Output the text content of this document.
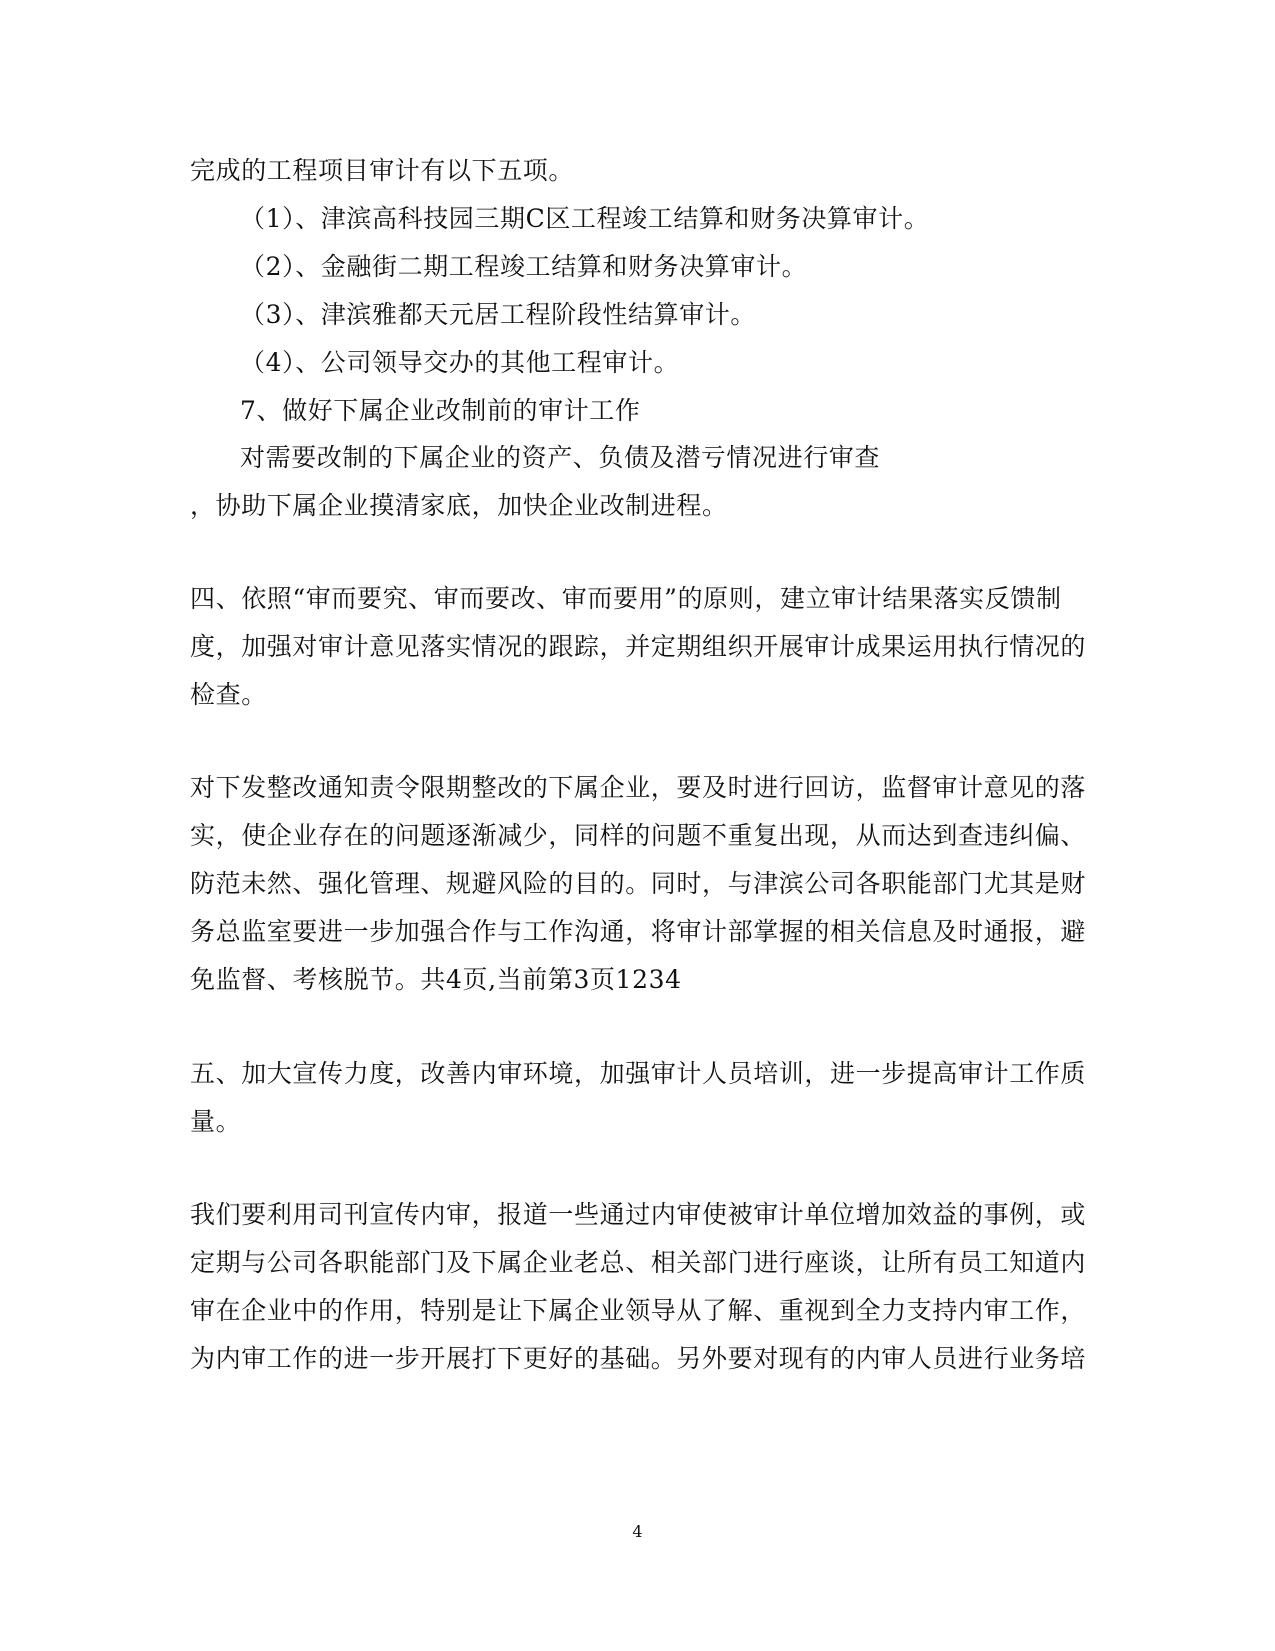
完成的工程项目审计有以下五项。
（1）、津滨高科技园三期C区工程竣工结算和财务决算审计。
（2）、金融街二期工程竣工结算和财务决算审计。
（3）、津滨雅都天元居工程阶段性结算审计。
（4）、公司领导交办的其他工程审计。
7、做好下属企业改制前的审计工作
对需要改制的下属企业的资产、负债及潜亏情况进行审查
，协助下属企业摸清家底，加快企业改制进程。
四、依照“审而要究、审而要改、审而要用”的原则，建立审计结果落实反馈制
度，加强对审计意见落实情况的跟踪，并定期组织开展审计成果运用执行情况的
检查。
对下发整改通知责令限期整改的下属企业，要及时进行回访，监督审计意见的落
实，使企业存在的问题逐渐减少，同样的问题不重复出现，从而达到查违纠偏、
防范未然、强化管理、规避风险的目的。同时，与津滨公司各职能部门尤其是财
务总监室要进一步加强合作与工作沟通，将审计部掌握的相关信息及时通报，避
免监督、考核脱节。共4页,当前第3页1234
五、加大宣传力度，改善内审环境，加强审计人员培训，进一步提高审计工作质
量。
我们要利用司刊宣传内审，报道一些通过内审使被审计单位增加效益的事例，或
定期与公司各职能部门及下属企业老总、相关部门进行座谈，让所有员工知道内
审在企业中的作用，特别是让下属企业领导从了解、重视到全力支持内审工作，
为内审工作的进一步开展打下更好的基础。另外要对现有的内审人员进行业务培
4
